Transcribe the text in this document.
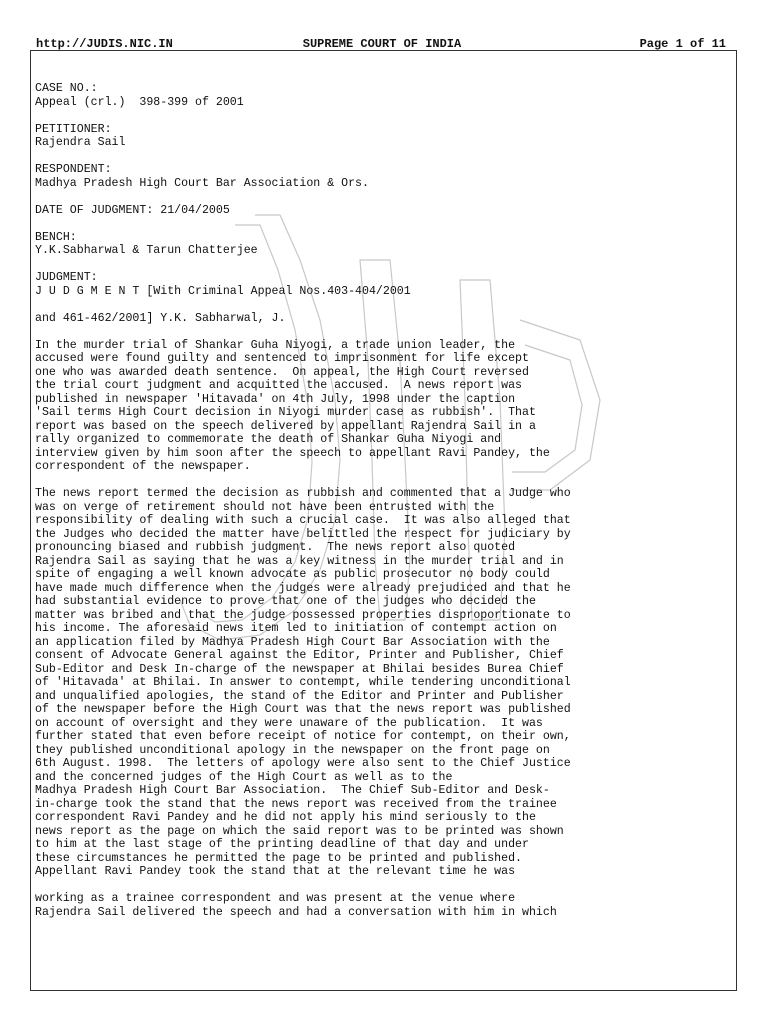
http://JUDIS.NIC.IN	SUPREME COURT OF INDIA	Page 1 of 11
CASE NO.:
Appeal (crl.)  398-399 of 2001
PETITIONER:
Rajendra Sail
RESPONDENT:
Madhya Pradesh High Court Bar Association & Ors.
DATE OF JUDGMENT: 21/04/2005
BENCH:
Y.K.Sabharwal & Tarun Chatterjee
JUDGMENT:
J U D G M E N T [With Criminal Appeal Nos.403-404/2001
and 461-462/2001] Y.K. Sabharwal, J.
In the murder trial of Shankar Guha Niyogi, a trade union leader, the
accused were found guilty and sentenced to imprisonment for life except
one who was awarded death sentence.  On appeal, the High Court reversed
the trial court judgment and acquitted the accused.  A news report was
published in newspaper 'Hitavada' on 4th July, 1998 under the caption
'Sail terms High Court decision in Niyogi murder case as rubbish'.  That
report was based on the speech delivered by appellant Rajendra Sail in a
rally organized to commemorate the death of Shankar Guha Niyogi and
interview given by him soon after the speech to appellant Ravi Pandey, the
correspondent of the newspaper.
The news report termed the decision as rubbish and commented that a Judge who
was on verge of retirement should not have been entrusted with the
responsibility of dealing with such a crucial case.  It was also alleged that
the Judges who decided the matter have belittled the respect for judiciary by
pronouncing biased and rubbish judgment.  The news report also quoted
Rajendra Sail as saying that he was a key witness in the murder trial and in
spite of engaging a well known advocate as public prosecutor no body could
have made much difference when the judges were already prejudiced and that he
had substantial evidence to prove that one of the judges who decided the
matter was bribed and that the judge possessed properties disproportionate to
his income. The aforesaid news item led to initiation of contempt action on
an application filed by Madhya Pradesh High Court Bar Association with the
consent of Advocate General against the Editor, Printer and Publisher, Chief
Sub-Editor and Desk In-charge of the newspaper at Bhilai besides Burea Chief
of 'Hitavada' at Bhilai. In answer to contempt, while tendering unconditional
and unqualified apologies, the stand of the Editor and Printer and Publisher
of the newspaper before the High Court was that the news report was published
on account of oversight and they were unaware of the publication.  It was
further stated that even before receipt of notice for contempt, on their own,
they published unconditional apology in the newspaper on the front page on
6th August. 1998.  The letters of apology were also sent to the Chief Justice
and the concerned judges of the High Court as well as to the
Madhya Pradesh High Court Bar Association.  The Chief Sub-Editor and Desk-
in-charge took the stand that the news report was received from the trainee
correspondent Ravi Pandey and he did not apply his mind seriously to the
news report as the page on which the said report was to be printed was shown
to him at the last stage of the printing deadline of that day and under
these circumstances he permitted the page to be printed and published.
Appellant Ravi Pandey took the stand that at the relevant time he was
working as a trainee correspondent and was present at the venue where
Rajendra Sail delivered the speech and had a conversation with him in which
